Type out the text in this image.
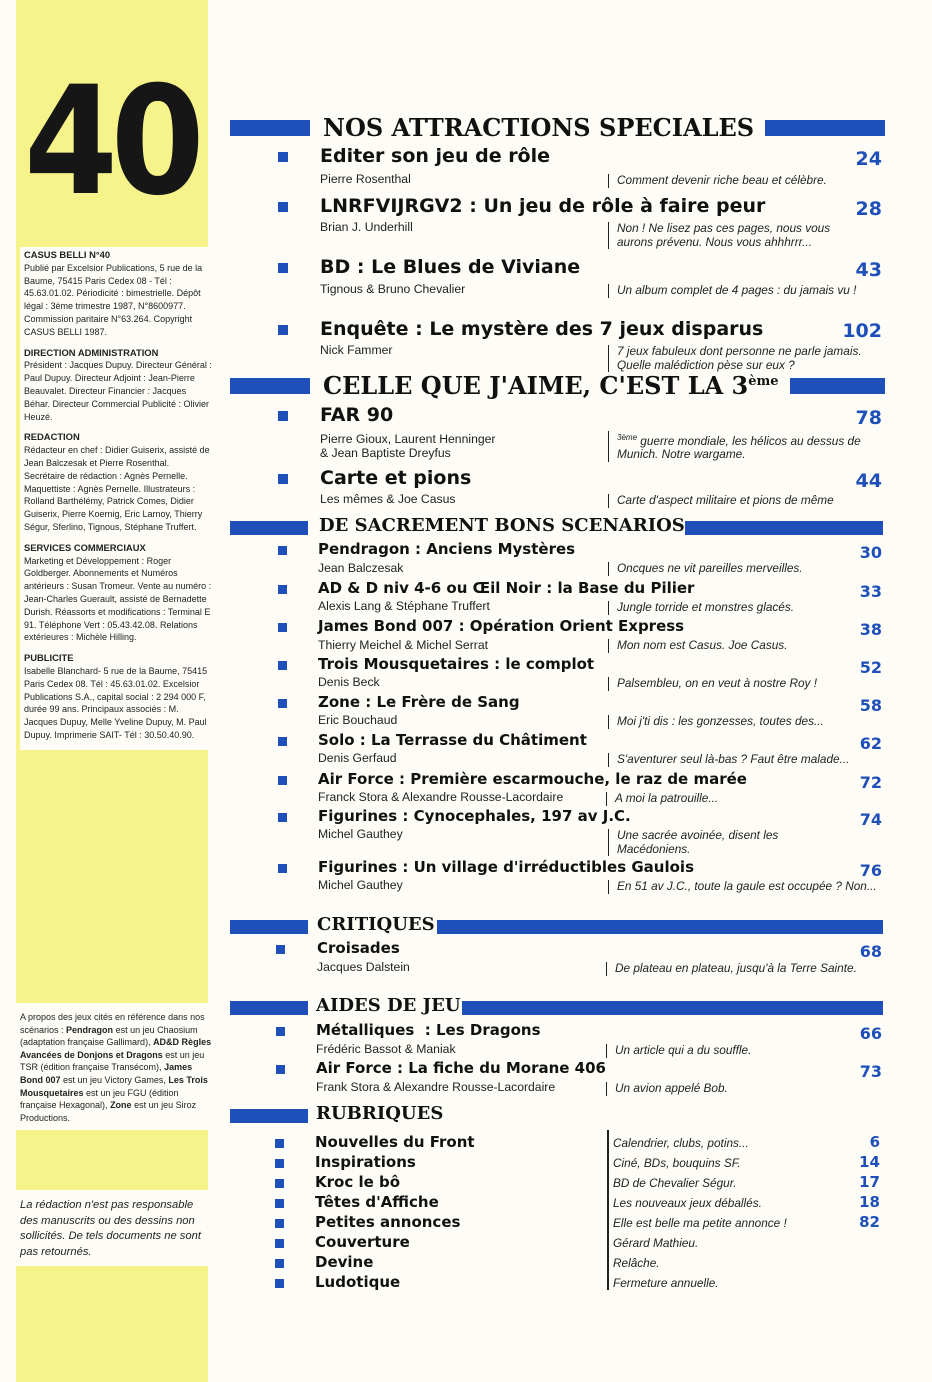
40
CASUS BELLI N°40
Publié par Excelsior Publications, 5 rue de la Baume, 75415 Paris Cedex 08 - Tél : 45.63.01.02. Périodicité : bimestrielle. Dépôt légal : 3ème trimestre 1987, N°8600977. Commission paritaire N°63.264. Copyright CASUS BELLI 1987.
DIRECTION ADMINISTRATION
Président : Jacques Dupuy. Directeur Général : Paul Dupuy. Directeur Adjoint : Jean-Pierre Beauvalet. Directeur Financier : Jacques Béhar. Directeur Commercial Publicité : Olivier Heuzé.
REDACTION
Rédacteur en chef : Didier Guiserix, assisté de Jean Balczesak et Pierre Rosenthal. Secrétaire de rédaction : Agnès Pernelle. Maquettiste : Agnès Pernelle. Illustrateurs : Rolland Barthélémy, Patrick Comes, Didier Guiserix, Pierre Koernig, Eric Larnoy, Thierry Ségur, Sferlino, Tignous, Stéphane Truffert.
SERVICES COMMERCIAUX
Marketing et Développement : Roger Goldberger. Abonnements et Numéros antérieurs : Susan Tromeur. Vente au numéro : Jean-Charles Guerault, assisté de Bernadette Durish. Réassorts et modifications : Terminal E 91. Téléphone Vert : 05.43.42.08. Relations extérieures : Michèle Hilling.
PUBLICITE
Isabelle Blanchard- 5 rue de la Baume, 75415 Paris Cedex 08. Tél : 45.63.01.02. Excelsior Publications S.A., capital social : 2 294 000 F, durée 99 ans. Principaux associés : M. Jacques Dupuy, Melle Yveline Dupuy, M. Paul Dupuy. Imprimerie SAIT- Tél : 30.50.40.90.
A propos des jeux cités en référence dans nos scénarios : Pendragon est un jeu Chaosium (adaptation française Gallimard), AD&D Règles Avancées de Donjons et Dragons est un jeu TSR (édition française Transécom), James Bond 007 est un jeu Victory Games, Les Trois Mousquetaires est un jeu FGU (édition française Hexagonal), Zone est un jeu Siroz Productions.
La rédaction n'est pas responsable des manuscrits ou des dessins non sollicités. De tels documents ne sont pas retournés.
NOS ATTRACTIONS SPECIALES
Editer son jeu de rôle
Pierre Rosenthal	Comment devenir riche beau et célèbre.
24
LNRFVIJRGV2 : Un jeu de rôle à faire peur
Brian J. Underhill	Non ! Ne lisez pas ces pages, nous vous aurons prévenu. Nous vous ahhhrrr...
28
BD : Le Blues de Viviane
Tignous & Bruno Chevalier	Un album complet de 4 pages : du jamais vu !
43
Enquête : Le mystère des 7 jeux disparus
Nick Fammer	7 jeux fabuleux dont personne ne parle jamais. Quelle malédiction pèse sur eux ?
102
CELLE QUE J'AIME, C'EST LA 3ème
FAR 90
Pierre Gioux, Laurent Henninger
& Jean Baptiste Dreyfus
$^{3ème}$ guerre mondiale, les hélicos au dessus de Munich. Notre wargame.
78
Carte et pions
Les mêmes & Joe Casus	Carte d'aspect militaire et pions de même
44
DE SACREMENT BONS SCENARIOS
Pendragon : Anciens Mystères
Jean Balczesak	Oncques ne vit pareilles merveilles.
30
AD & D niv 4-6 ou Œil Noir : la Base du Pilier
Alexis Lang & Stéphane Truffert	Jungle torride et monstres glacés.
33
James Bond 007 : Opération Orient Express
Thierry Meichel & Michel Serrat	Mon nom est Casus. Joe Casus.
38
Trois Mousquetaires : le complot
Denis Beck	Palsembleu, on en veut à nostre Roy !
52
Zone : Le Frère de Sang
Eric Bouchaud	Moi j'ti dis : les gonzesses, toutes des...
58
Solo : La Terrasse du Châtiment
Denis Gerfaud	S'aventurer seul là-bas ? Faut être malade...
62
Air Force : Première escarmouche, le raz de marée
Franck Stora & Alexandre Rousse-Lacordaire	A moi la patrouille...
72
Figurines : Cynocephales, 197 av J.C.
Michel Gauthey	Une sacrée avoinée, disent les Macédoniens.
74
Figurines : Un village d'irréductibles Gaulois
Michel Gauthey	En 51 av J.C., toute la gaule est occupée ? Non...
76
CRITIQUES
Croisades
Jacques Dalstein	De plateau en plateau, jusqu'à la Terre Sainte.
68
AIDES DE JEU
Métalliques  : Les Dragons
Frédéric Bassot & Maniak	Un article qui a du souffle.
66
Air Force : La fiche du Morane 406
Frank Stora & Alexandre Rousse-Lacordaire	Un avion appelé Bob.
73
RUBRIQUES
Nouvelles du Front	Calendrier, clubs, potins...	6
Inspirations	Ciné, BDs, bouquins SF.	14
Kroc le bô	BD de Chevalier Ségur.	17
Têtes d'Affiche	Les nouveaux jeux déballés.	18
Petites annonces	Elle est belle ma petite annonce !	82
Couverture	Gérard Mathieu.
Devine	Relâche.
Ludotique	Fermeture annuelle.
